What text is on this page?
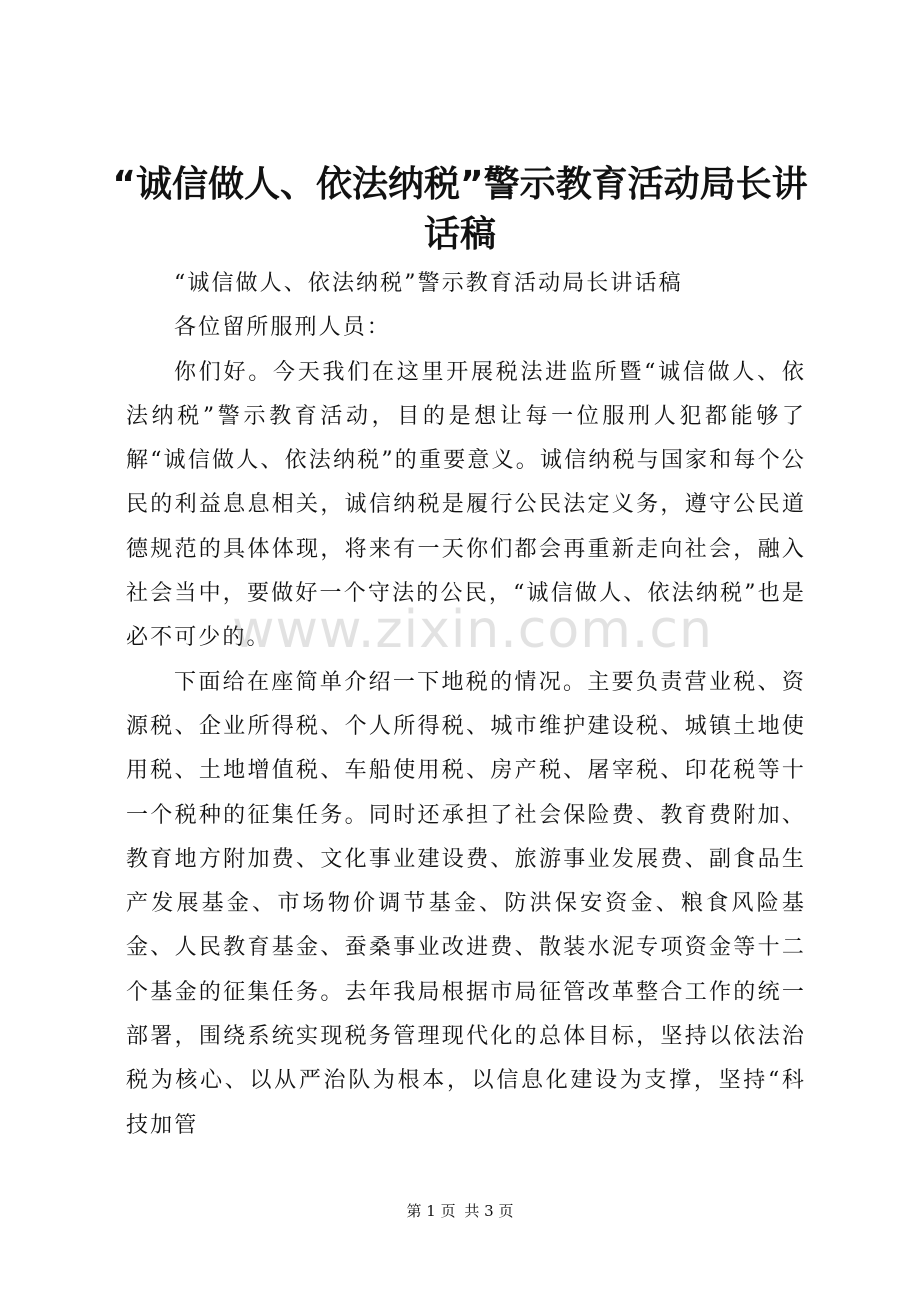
“诚信做人、依法纳税”警示教育活动局长讲话稿

“诚信做人、依法纳税”警示教育活动局长讲话稿

各位留所服刑人员：

你们好。今天我们在这里开展税法进监所暨“诚信做人、依法纳税”警示教育活动，目的是想让每一位服刑人犯都能够了解“诚信做人、依法纳税”的重要意义。诚信纳税与国家和每个公民的利益息息相关，诚信纳税是履行公民法定义务，遵守公民道德规范的具体体现，将来有一天你们都会再重新走向社会，融入社会当中，要做好一个守法的公民，“诚信做人、依法纳税”也是必不可少的。

下面给在座简单介绍一下地税的情况。主要负责营业税、资源税、企业所得税、个人所得税、城市维护建设税、城镇土地使用税、土地增值税、车船使用税、房产税、屠宰税、印花税等十一个税种的征集任务。同时还承担了社会保险费、教育费附加、教育地方附加费、文化事业建设费、旅游事业发展费、副食品生产发展基金、市场物价调节基金、防洪保安资金、粮食风险基金、人民教育基金、蚕桑事业改进费、散装水泥专项资金等十二个基金的征集任务。去年我局根据市局征管改革整合工作的统一部署，围绕系统实现税务管理现代化的总体目标，坚持以依法治税为核心、以从严治队为根本，以信息化建设为支撑，坚持“科技加管

www.zixin.com.cn
第 1 页 共 3 页
